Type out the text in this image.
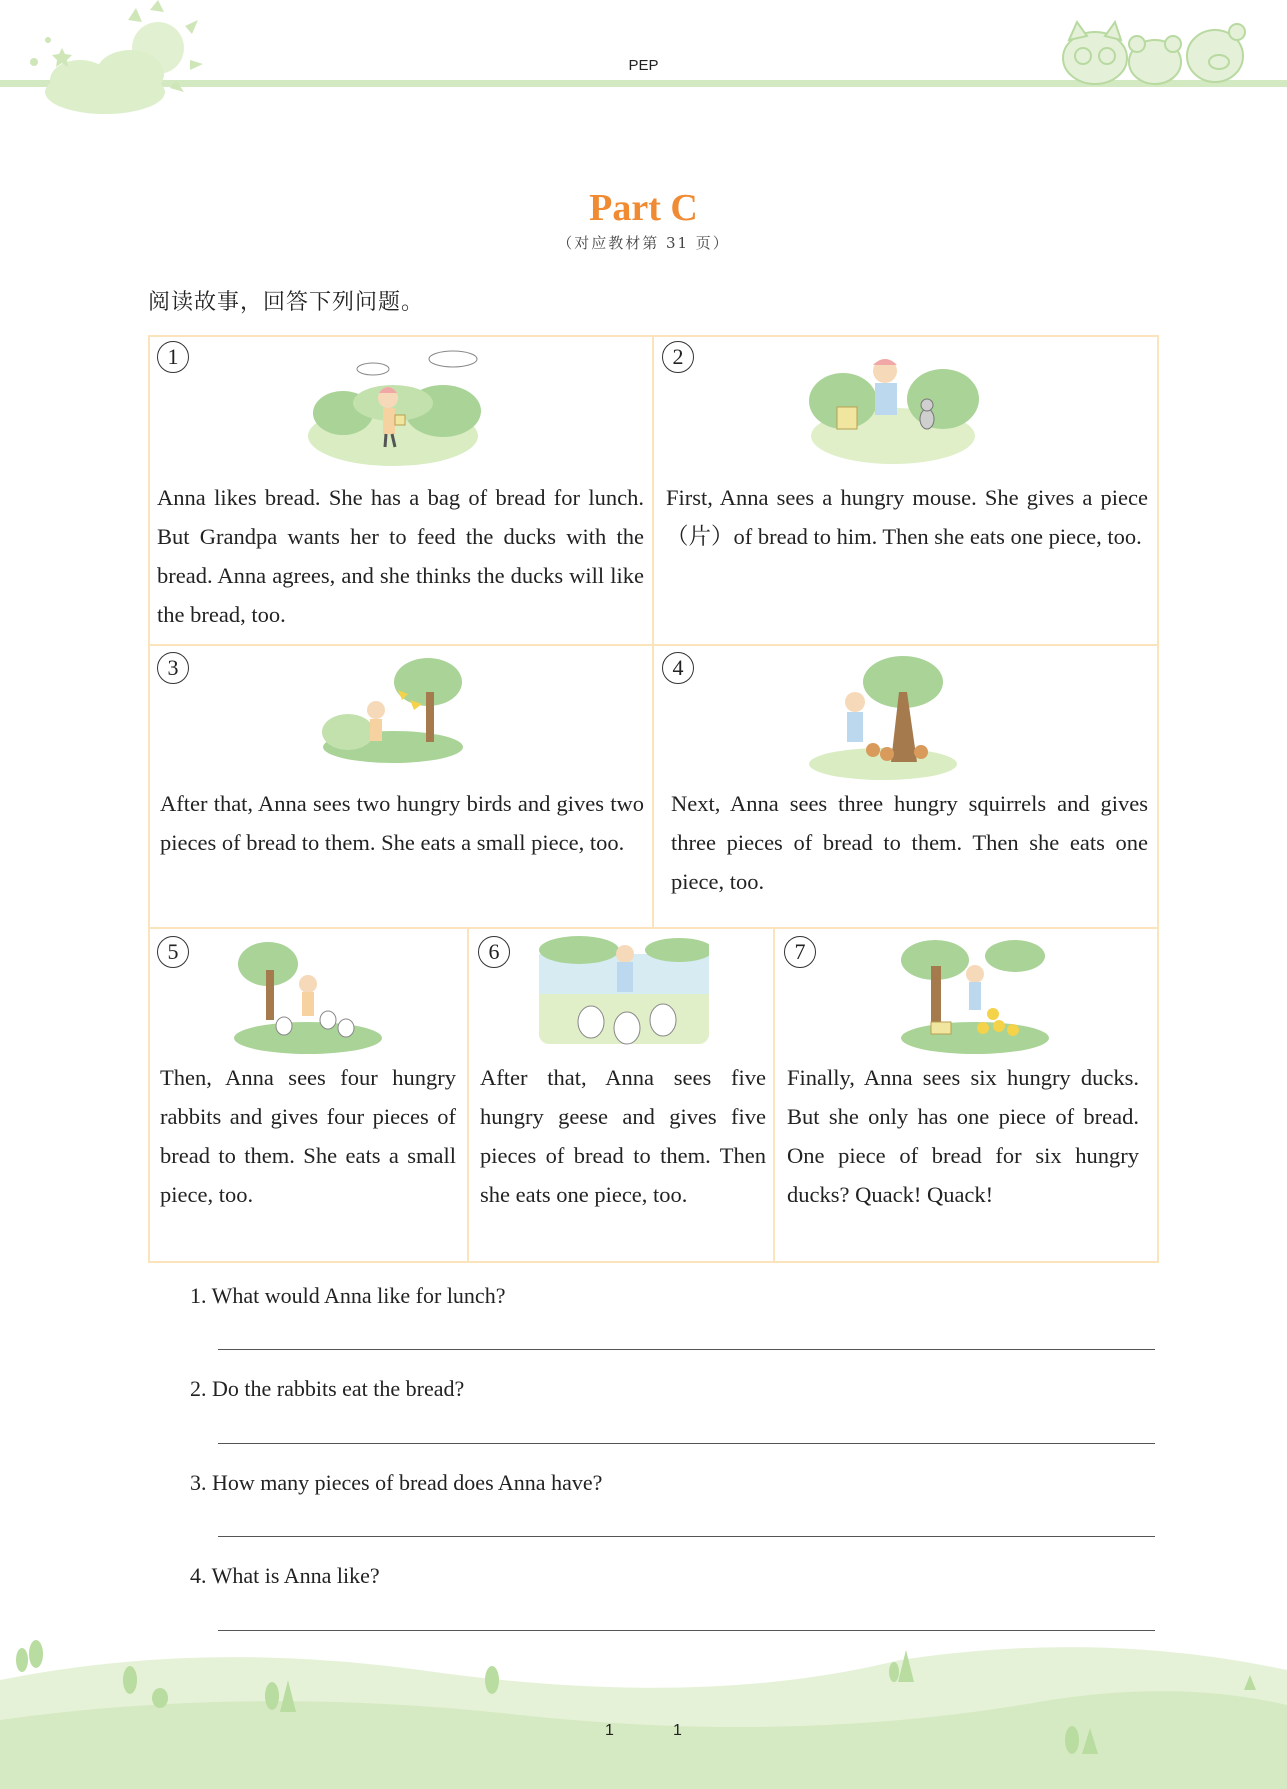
PEP
Part C
（对应教材第 31 页）
阅读故事，回答下列问题。
1
Anna likes bread. She has a bag of bread for lunch. But Grandpa wants her to feed the ducks with the bread. Anna agrees, and she thinks the ducks will like the bread, too.
2
First, Anna sees a hungry mouse. She gives a piece（片）of bread to him. Then she eats one piece, too.
3
After that, Anna sees two hungry birds and gives two pieces of bread to them. She eats a small piece, too.
4
Next, Anna sees three hungry squirrels and gives three pieces of bread to them. Then she eats one piece, too.
5
Then, Anna sees four hungry rabbits and gives four pieces of bread to them. She eats a small piece, too.
6
After that, Anna sees five hungry geese and gives five pieces of bread to them. Then she eats one piece, too.
7
Finally, Anna sees six hungry ducks. But she only has one piece of bread. One piece of bread for six hungry ducks? Quack! Quack!
1. What would Anna like for lunch?
2. Do the rabbits eat the bread?
3. How many pieces of bread does Anna have?
4. What is Anna like?
1	1
